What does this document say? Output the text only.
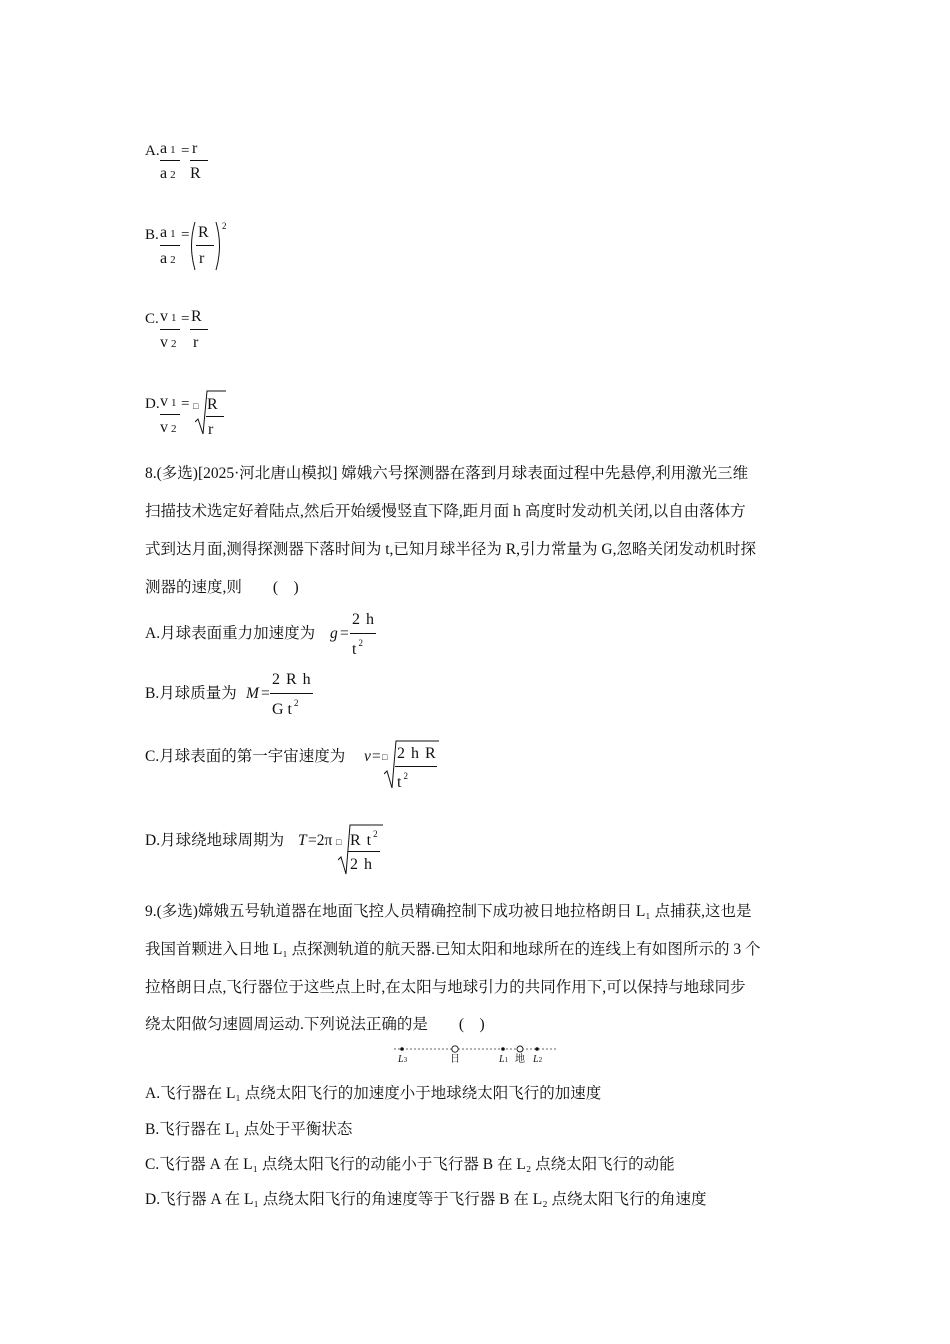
A. a 1
a 2
= r
R
B. a 1
a 2
= R
r
2
C. v 1
v 2
= R
r
D. v 1
v 2
= □ R
r
8.(多选)[2025·河北唐山模拟] 嫦娥六号探测器在落到月球表面过程中先悬停,利用激光三维
扫描技术选定好着陆点,然后开始缓慢竖直下降,距月面 h 高度时发动机关闭,以自由落体方
式到达月面,测得探测器下落时间为 t,已知月球半径为 R,引力常量为 G,忽略关闭发动机时探
测器的速度,则　　(　)
A.月球表面重力加速度为 g =
2 h
t $^2$
B.月球质量为 M =
2 R h
G t $^2$
C.月球表面的第一宇宙速度为 v = □ 2 h R
t $^2$
D.月球绕地球周期为 T =2π □ R $t^2$
2 h
9.(多选)嫦娥五号轨道器在地面飞控人员精确控制下成功被日地拉格朗日 L₁ 点捕获,这也是
我国首颗进入日地 L₁ 点探测轨道的航天器.已知太阳和地球所在的连线上有如图所示的 3 个
拉格朗日点,飞行器位于这些点上时,在太阳与地球引力的共同作用下,可以保持与地球同步
绕太阳做匀速圆周运动.下列说法正确的是　　(　)
L3	日	L1 地 L2
A.飞行器在 L₁ 点绕太阳飞行的加速度小于地球绕太阳飞行的加速度
B.飞行器在 L₁ 点处于平衡状态
C.飞行器 A 在 L₁ 点绕太阳飞行的动能小于飞行器 B 在 L₂ 点绕太阳飞行的动能
D.飞行器 A 在 L₁ 点绕太阳飞行的角速度等于飞行器 B 在 L₂ 点绕太阳飞行的角速度
